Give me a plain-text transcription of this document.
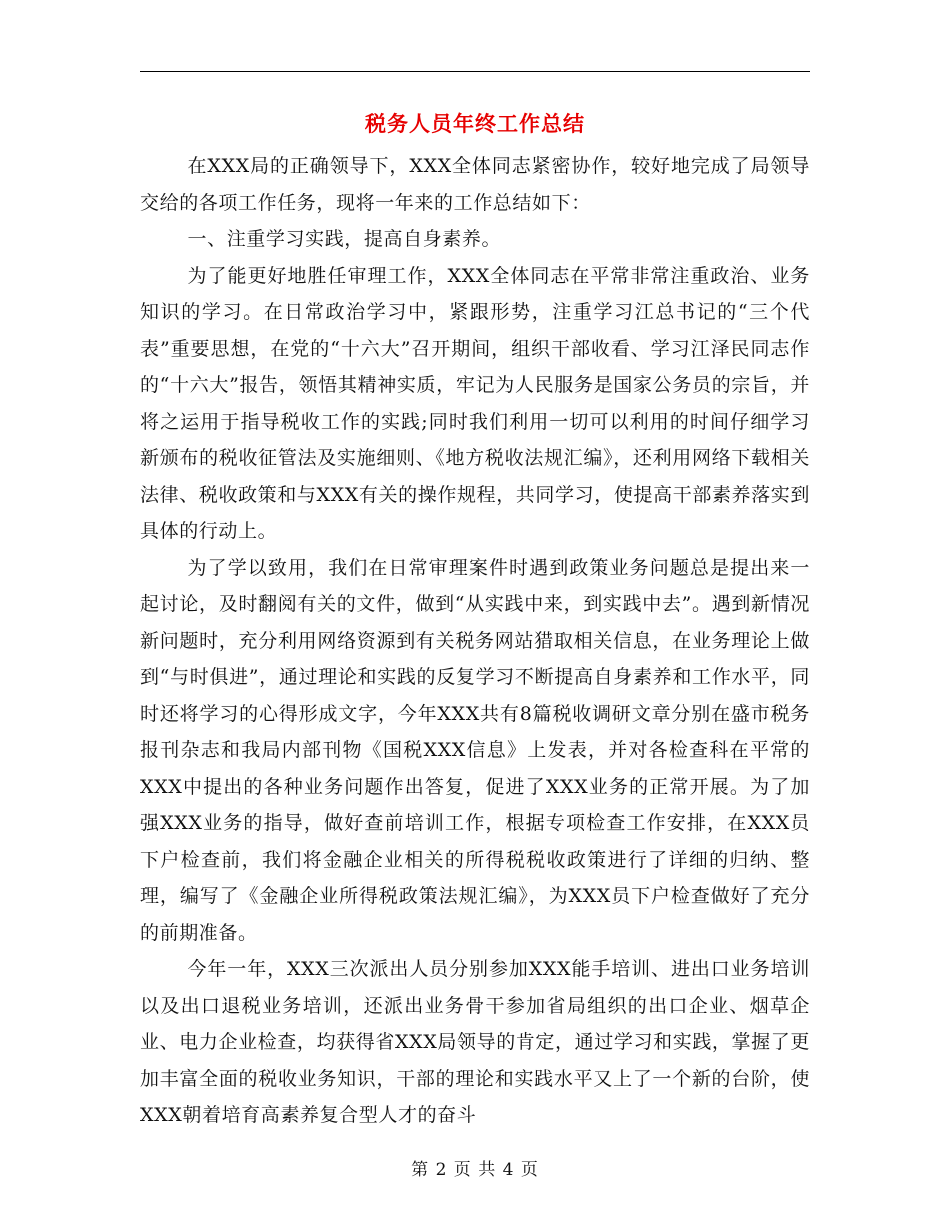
税务人员年终工作总结

在XXX局的正确领导下，XXX全体同志紧密协作，较好地完成了局领导交给的各项工作任务，现将一年来的工作总结如下：

一、注重学习实践，提高自身素养。

为了能更好地胜任审理工作，XXX全体同志在平常非常注重政治、业务知识的学习。在日常政治学习中，紧跟形势，注重学习江总书记的“三个代表”重要思想，在党的“十六大”召开期间，组织干部收看、学习江泽民同志作的“十六大”报告，领悟其精神实质，牢记为人民服务是国家公务员的宗旨，并将之运用于指导税收工作的实践;同时我们利用一切可以利用的时间仔细学习新颁布的税收征管法及实施细则、《地方税收法规汇编》，还利用网络下载相关法律、税收政策和与XXX有关的操作规程，共同学习，使提高干部素养落实到具体的行动上。

为了学以致用，我们在日常审理案件时遇到政策业务问题总是提出来一起讨论，及时翻阅有关的文件，做到“从实践中来，到实践中去”。遇到新情况新问题时，充分利用网络资源到有关税务网站猎取相关信息，在业务理论上做到“与时俱进”，通过理论和实践的反复学习不断提高自身素养和工作水平，同时还将学习的心得形成文字，今年XXX共有8篇税收调研文章分别在盛市税务报刊杂志和我局内部刊物《国税XXX信息》上发表，并对各检查科在平常的XXX中提出的各种业务问题作出答复，促进了XXX业务的正常开展。为了加强XXX业务的指导，做好查前培训工作，根据专项检查工作安排，在XXX员下户检查前，我们将金融企业相关的所得税税收政策进行了详细的归纳、整理，编写了《金融企业所得税政策法规汇编》，为XXX员下户检查做好了充分的前期准备。

今年一年，XXX三次派出人员分别参加XXX能手培训、进出口业务培训以及出口退税业务培训，还派出业务骨干参加省局组织的出口企业、烟草企业、电力企业检查，均获得省XXX局领导的肯定，通过学习和实践，掌握了更加丰富全面的税收业务知识，干部的理论和实践水平又上了一个新的台阶，使XXX朝着培育高素养复合型人才的奋斗

第 2 页 共 4 页
